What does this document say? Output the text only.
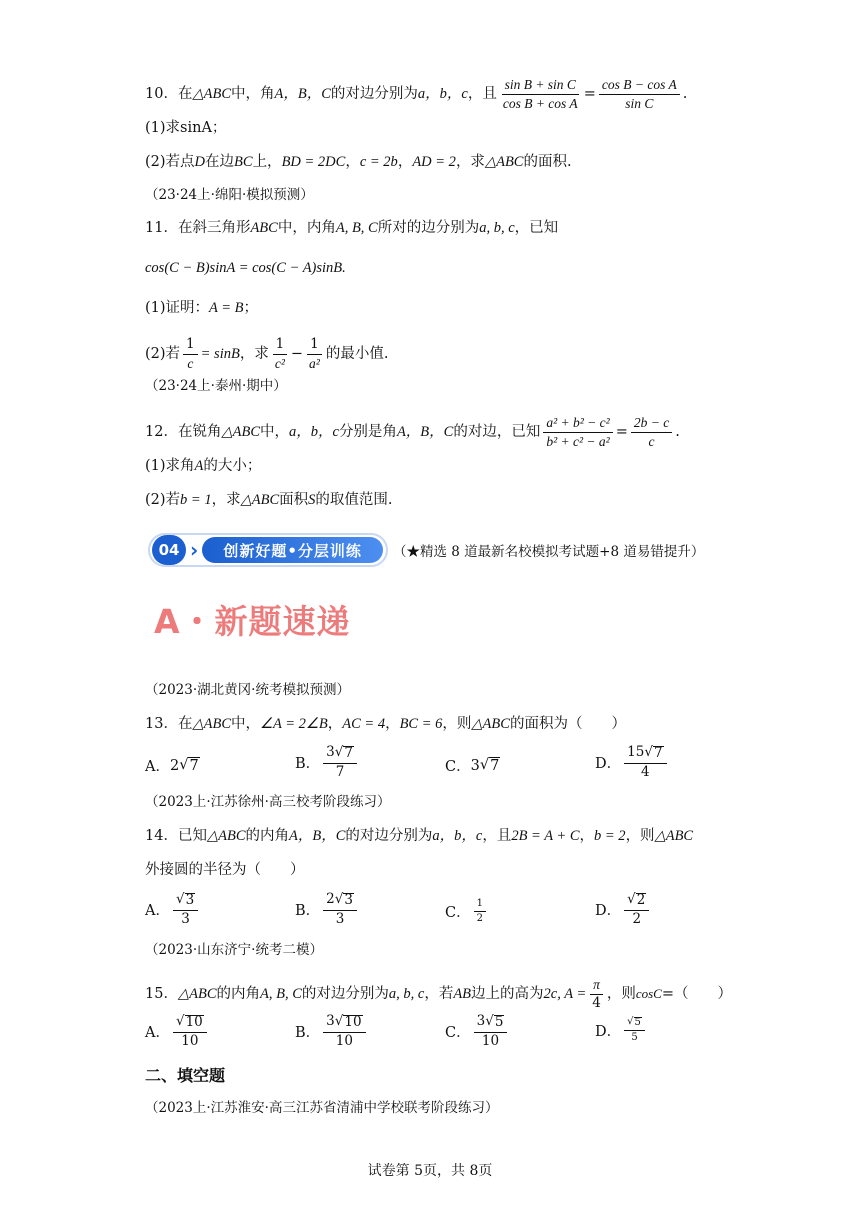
10．在 △ABC 中，角 A，B，C 的对边分别为 a，b，c ，且 $\frac{\text{sin B + sin C}}{\text{cos B + cos A}} = \frac{\text{cos B − cos A}}{\text{sin C}}$ .
(1)求sinA；
(2)若点 D 在边 BC 上， BD = 2DC ， c = 2b ， AD = 2 ，求 △ABC 的面积.
（23·24上·绵阳·模拟预测）
11．在斜三角形 ABC 中，内角 A, B, C 所对的边分别为 a, b, c ，已知
cos(C − B)sinA = cos(C − A)sinB.
(1)证明： A = B ；
(2)若 $\frac{1}{c} = \sin B$ ，求 $\frac{1}{\text{c²}} - \frac{1}{\text{a²}}$ 的最小值.
（23·24上·泰州·期中）
12．在锐角 △ABC 中， a，b，c 分别是角 A，B，C 的对边，已知 $\frac{\text{a² + b² − c²}}{\text{b² + c² − a²}} = \frac{2b - c}{c}$ .
(1)求角 A 的大小；
(2)若 b = 1 ，求 △ABC 面积 S 的取值范围.
04 ›	创新好题•分层训练	（★精选 8 道最新名校模拟考试题+8 道易错提升）
A・新题速递
（2023·湖北黄冈·统考模拟预测）
13．在 △ABC 中， ∠A = 2∠B ， AC = 4 ， BC = 6 ，则 △ABC 的面积为（　　）
A． 2 √ 7	B． $\frac{3√ 7}{7}$	C． 3 √ 7	D． $\frac{15√ 7}{4}$
（2023上·江苏徐州·高三校考阶段练习）
14．已知 △ABC 的内角 A，B，C 的对边分别为 a，b，c ，且 2B = A + C ， b = 2 ，则 △ABC
外接圆的半径为（　　）
A． $\frac{√ 3}{3}$	B． $\frac{2√ 3}{3}$	C． $\frac{1}{2}$	D． $\frac{√ 2}{2}$
（2023·山东济宁·统考二模）
15． △ABC 的内角 A, B, C 的对边分别为 a, b, c ，若 AB 边上的高为 2c, $A = \frac{\pi}{4}$ ，则 cosC =（　　）
A． $\frac{√ 10}{10}$	B． $\frac{3√ 10}{10}$	C． $\frac{3√ 5}{10}$	D． $\frac{√ 5}{5}$
二、填空题
（2023上·江苏淮安·高三江苏省清浦中学校联考阶段练习）
试卷第 5页，共 8页
